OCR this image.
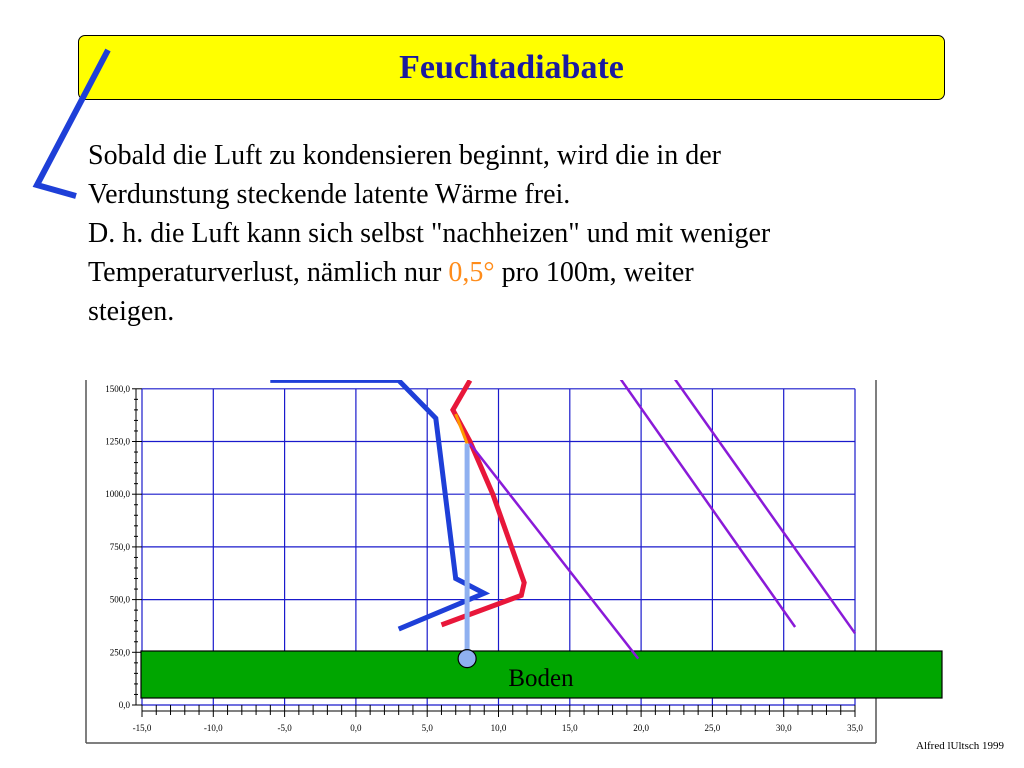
Feuchtadiabate
Sobald die Luft zu kondensieren beginnt, wird die in der
Verdunstung steckende latente Wärme frei.
D. h. die Luft kann sich selbst "nachheizen" und mit weniger
Temperaturverlust, nämlich nur 0,5° pro 100m, weiter
steigen.
0,0
250,0
500,0
750,0
1000,0
1250,0
1500,0
-15,0	-10,0	-5,0	0,0	5,0	10,0	15,0	20,0	25,0	30,0	35,0
Boden
Alfred lUltsch 1999
